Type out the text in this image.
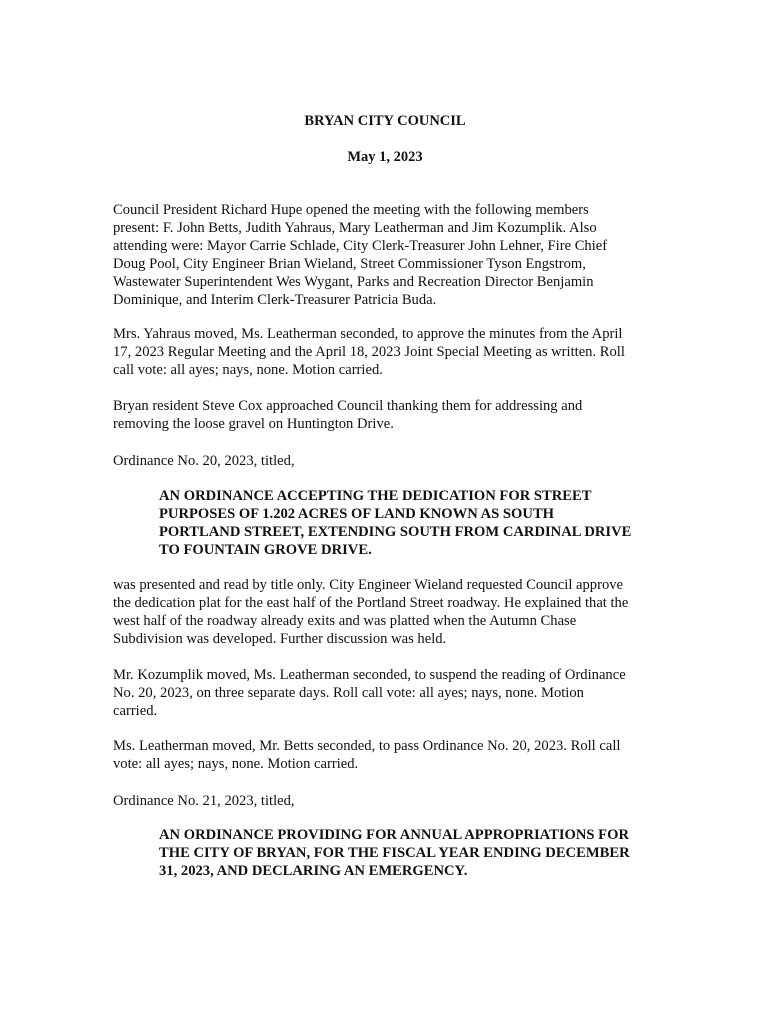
BRYAN CITY COUNCIL
May 1, 2023
Council President Richard Hupe opened the meeting with the following members
present: F. John Betts, Judith Yahraus, Mary Leatherman and Jim Kozumplik. Also
attending were: Mayor Carrie Schlade, City Clerk-Treasurer John Lehner, Fire Chief
Doug Pool, City Engineer Brian Wieland, Street Commissioner Tyson Engstrom,
Wastewater Superintendent Wes Wygant, Parks and Recreation Director Benjamin
Dominique, and Interim Clerk-Treasurer Patricia Buda.
Mrs. Yahraus moved, Ms. Leatherman seconded, to approve the minutes from the April
17, 2023 Regular Meeting and the April 18, 2023 Joint Special Meeting as written. Roll
call vote: all ayes; nays, none. Motion carried.
Bryan resident Steve Cox approached Council thanking them for addressing and
removing the loose gravel on Huntington Drive.
Ordinance No. 20, 2023, titled,
AN ORDINANCE ACCEPTING THE DEDICATION FOR STREET
PURPOSES OF 1.202 ACRES OF LAND KNOWN AS SOUTH
PORTLAND STREET, EXTENDING SOUTH FROM CARDINAL DRIVE
TO FOUNTAIN GROVE DRIVE.
was presented and read by title only. City Engineer Wieland requested Council approve
the dedication plat for the east half of the Portland Street roadway. He explained that the
west half of the roadway already exits and was platted when the Autumn Chase
Subdivision was developed. Further discussion was held.
Mr. Kozumplik moved, Ms. Leatherman seconded, to suspend the reading of Ordinance
No. 20, 2023, on three separate days. Roll call vote: all ayes; nays, none. Motion
carried.
Ms. Leatherman moved, Mr. Betts seconded, to pass Ordinance No. 20, 2023. Roll call
vote: all ayes; nays, none. Motion carried.
Ordinance No. 21, 2023, titled,
AN ORDINANCE PROVIDING FOR ANNUAL APPROPRIATIONS FOR
THE CITY OF BRYAN, FOR THE FISCAL YEAR ENDING DECEMBER
31, 2023, AND DECLARING AN EMERGENCY.
